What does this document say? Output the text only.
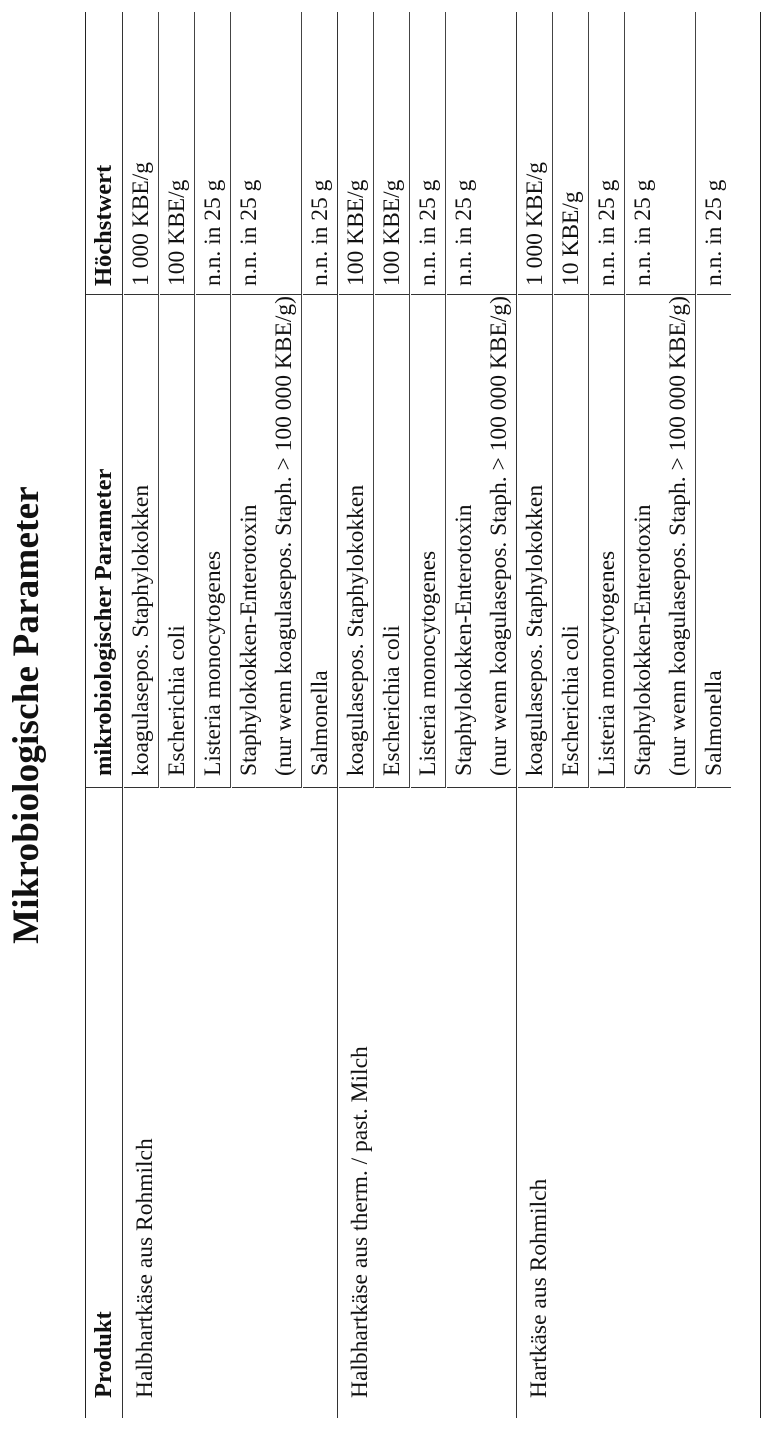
Mikrobiologische Parameter
Produkt
mikrobiologischer Parameter
Höchstwert
koagulasepos. Staphylokokken
1 000 KBE/g
Escherichia coli
100 KBE/g
Listeria monocytogenes
n.n. in 25 g
Staphylokokken-Enterotoxin (nur wenn koagulasepos. Staph. > 100 000 KBE/g)
n.n. in 25 g
Salmonella
n.n. in 25 g
Halbhartkäse aus Rohmilch
koagulasepos. Staphylokokken
100 KBE/g
Escherichia coli
100 KBE/g
Listeria monocytogenes
n.n. in 25 g
Staphylokokken-Enterotoxin (nur wenn koagulasepos. Staph. > 100 000 KBE/g)
n.n. in 25 g
Halbhartkäse aus therm. / past. Milch
koagulasepos. Staphylokokken
1 000 KBE/g
Escherichia coli
10 KBE/g
Listeria monocytogenes
n.n. in 25 g
Staphylokokken-Enterotoxin (nur wenn koagulasepos. Staph. > 100 000 KBE/g)
n.n. in 25 g
Salmonella
n.n. in 25 g
Hartkäse aus Rohmilch
